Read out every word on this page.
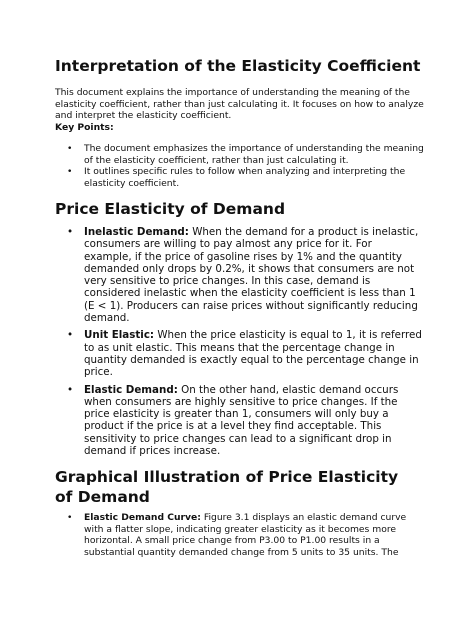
Interpretation of the Elasticity Coefficient

This document explains the importance of understanding the meaning of the elasticity coefficient, rather than just calculating it. It focuses on how to analyze and interpret the elasticity coefficient.

Key Points:

• The document emphasizes the importance of understanding the meaning of the elasticity coefficient, rather than just calculating it.
• It outlines specific rules to follow when analyzing and interpreting the elasticity coefficient.
Price Elasticity of Demand
• Inelastic Demand: When the demand for a product is inelastic, consumers are willing to pay almost any price for it. For example, if the price of gasoline rises by 1% and the quantity demanded only drops by 0.2%, it shows that consumers are not very sensitive to price changes. In this case, demand is considered inelastic when the elasticity coefficient is less than 1 (E < 1). Producers can raise prices without significantly reducing demand.
• Unit Elastic: When the price elasticity is equal to 1, it is referred to as unit elastic. This means that the percentage change in quantity demanded is exactly equal to the percentage change in price.
• Elastic Demand: On the other hand, elastic demand occurs when consumers are highly sensitive to price changes. If the price elasticity is greater than 1, consumers will only buy a product if the price is at a level they find acceptable. This sensitivity to price changes can lead to a significant drop in demand if prices increase.
Graphical Illustration of Price Elasticity of Demand
• Elastic Demand Curve: Figure 3.1 displays an elastic demand curve with a flatter slope, indicating greater elasticity as it becomes more horizontal. A small price change from P3.00 to P1.00 results in a substantial quantity demanded change from 5 units to 35 units. The
